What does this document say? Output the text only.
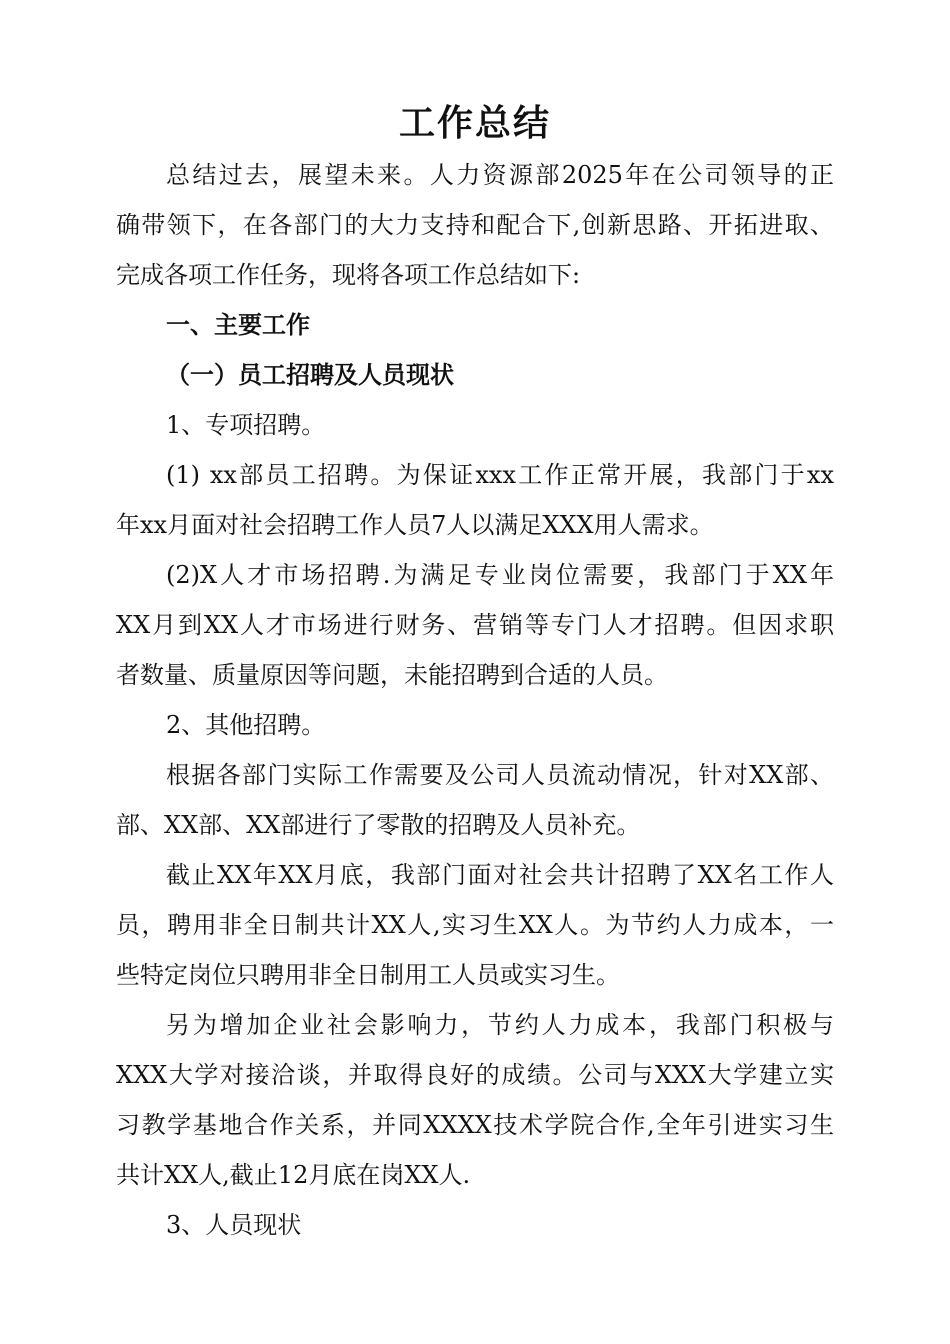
工作总结
总结过去，展望未来。人力资源部2025年在公司领导的正
确带领下，在各部门的大力支持和配合下,创新思路、开拓进取、
完成各项工作任务，现将各项工作总结如下:
一、主要工作
（一）员工招聘及人员现状
1、专项招聘。
(1) xx部员工招聘。为保证xxx工作正常开展，我部门于xx
年xx月面对社会招聘工作人员7人以满足XXX用人需求。
(2)X人才市场招聘.为满足专业岗位需要，我部门于XX年
XX月到XX人才市场进行财务、营销等专门人才招聘。但因求职
者数量、质量原因等问题，未能招聘到合适的人员。
2、其他招聘。
根据各部门实际工作需要及公司人员流动情况，针对XX部、
部、XX部、XX部进行了零散的招聘及人员补充。
截止XX年XX月底，我部门面对社会共计招聘了XX名工作人
员，聘用非全日制共计XX人,实习生XX人。为节约人力成本，一
些特定岗位只聘用非全日制用工人员或实习生。
另为增加企业社会影响力，节约人力成本，我部门积极与
XXX大学对接洽谈，并取得良好的成绩。公司与XXX大学建立实
习教学基地合作关系，并同XXXX技术学院合作,全年引进实习生
共计XX人,截止12月底在岗XX人.
3、人员现状
